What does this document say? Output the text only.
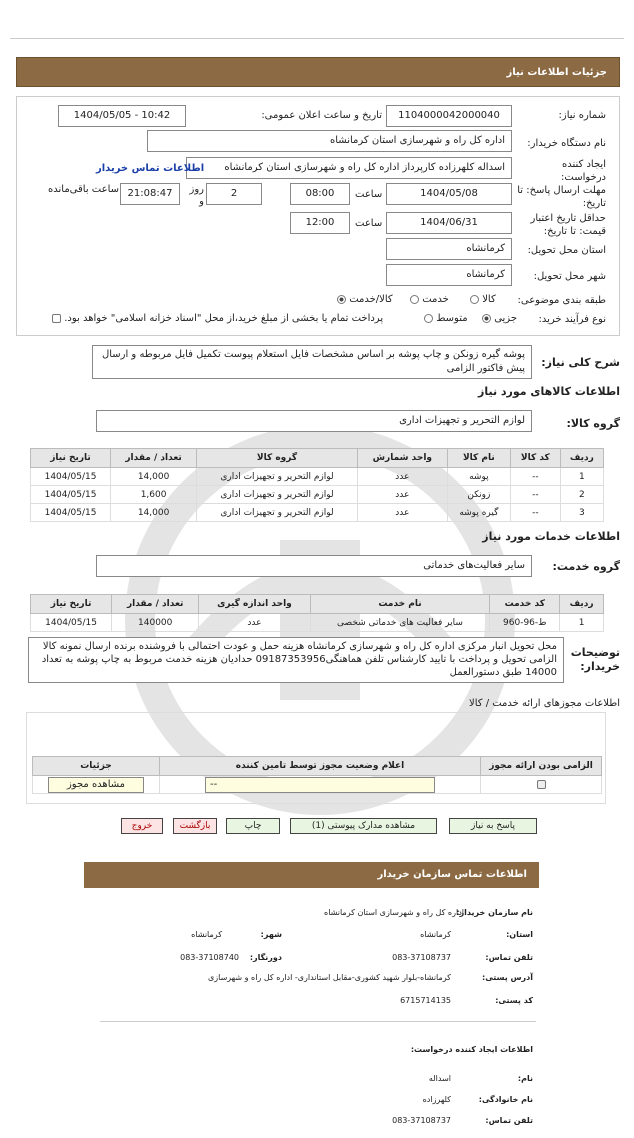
جزئیات اطلاعات نیاز
شماره نیاز:
1104000042000040
تاریخ و ساعت اعلان عمومی:
1404/05/05 - 10:42
نام دستگاه خریدار:
اداره کل راه و شهرسازی استان کرمانشاه
ایجاد کننده درخواست:
اسداله کلهرزاده کارپرداز اداره کل راه و شهرسازی استان کرمانشاه
اطلاعات تماس خریدار
مهلت ارسال پاسخ: تا تاریخ:
1404/05/08
ساعت
08:00
2
روز و
21:08:47
ساعت باقی‌مانده
حداقل تاریخ اعتبار قیمت: تا تاریخ:
1404/06/31
ساعت
12:00
استان محل تحویل:
کرمانشاه
شهر محل تحویل:
کرمانشاه
طبقه بندی موضوعی:
کالا
خدمت
کالا/خدمت
نوع فرآیند خرید:
جزیی
متوسط
پرداخت تمام یا بخشی از مبلغ خرید،از محل "اسناد خزانه اسلامی" خواهد بود.
شرح کلی نیاز:
پوشه گیره زونکن و چاپ پوشه بر اساس مشخصات فایل استعلام پیوست تکمیل فایل مربوطه و ارسال پیش فاکتور الزامی
اطلاعات کالاهای مورد نیاز
گروه کالا:
لوازم التحریر و تجهیزات اداری
ردیف	کد کالا	نام کالا	واحد شمارش	گروه کالا	تعداد / مقدار	تاریخ نیاز
1	--	پوشه	عدد	لوازم التحریر و تجهیزات اداری	14,000	1404/05/15
2	--	زونکن	عدد	لوازم التحریر و تجهیزات اداری	1,600	1404/05/15
3	--	گیره پوشه	عدد	لوازم التحریر و تجهیزات اداری	14,000	1404/05/15
اطلاعات خدمات مورد نیاز
گروه خدمت:
سایر فعالیت‌های خدماتی
ردیف	کد خدمت	نام خدمت	واحد اندازه گیری	تعداد / مقدار	تاریخ نیاز
1	ط-96-960	سایر فعالیت های خدماتی شخصی	عدد	140000	1404/05/15
توضیحات خریدار:
محل تحویل انبار مرکزی اداره کل راه و شهرسازی کرمانشاه هزینه حمل و عودت احتمالی با فروشنده برنده ارسال نمونه کالا الزامی تحویل و پرداخت با تایید کارشناس تلفن هماهنگی09187353956 حدادیان هزینه خدمت مربوط به چاپ پوشه به تعداد 14000 طبق دستورالعمل
اطلاعات مجوزهای ارائه خدمت / کالا
الزامی بودن ارائه مجوز	اعلام وضعیت مجوز توسط تامین کننده	جزئیات

	--	مشاهده مجوز
پاسخ به نیاز
مشاهده مدارک پیوستی (1)
چاپ
بازگشت
خروج
اطلاعات تماس سازمان خریدار
نام سازمان خریدار:
اداره کل راه و شهرسازی استان کرمانشاه
استان:
کرمانشاه
شهر:
کرمانشاه
تلفن تماس:
083-37108737
دورنگار:
083-37108740
آدرس پستی:
کرمانشاه-بلوار شهید کشوری-مقابل استانداری- اداره کل راه و شهرسازی
کد پستی:
6715714135
اطلاعات ایجاد کننده درخواست:
نام:
اسداله
نام خانوادگی:
کلهرزاده
تلفن تماس:
083-37108737
